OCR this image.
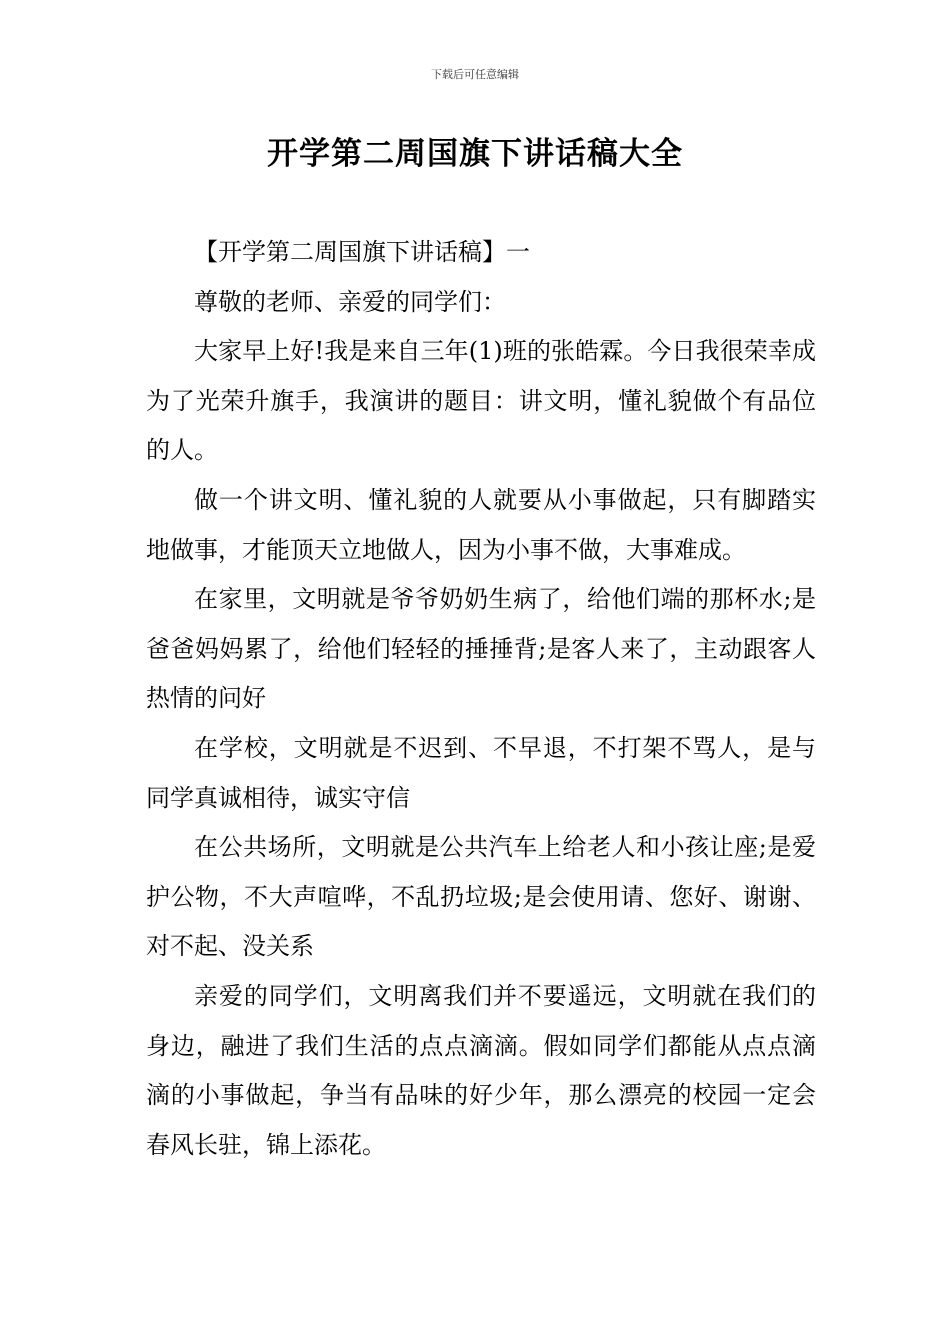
下载后可任意编辑
开学第二周国旗下讲话稿大全

【开学第二周国旗下讲话稿】一

尊敬的老师、亲爱的同学们：

大家早上好!我是来自三年(1)班的张皓霖。今日我很荣幸成为了光荣升旗手，我演讲的题目：讲文明，懂礼貌做个有品位的人。

做一个讲文明、懂礼貌的人就要从小事做起，只有脚踏实地做事，才能顶天立地做人，因为小事不做，大事难成。

在家里，文明就是爷爷奶奶生病了，给他们端的那杯水;是爸爸妈妈累了，给他们轻轻的捶捶背;是客人来了，主动跟客人热情的问好

在学校，文明就是不迟到、不早退，不打架不骂人，是与同学真诚相待，诚实守信

在公共场所，文明就是公共汽车上给老人和小孩让座;是爱护公物，不大声喧哗，不乱扔垃圾;是会使用请、您好、谢谢、对不起、没关系

亲爱的同学们，文明离我们并不要遥远，文明就在我们的身边，融进了我们生活的点点滴滴。假如同学们都能从点点滴滴的小事做起，争当有品味的好少年，那么漂亮的校园一定会春风长驻，锦上添花。
